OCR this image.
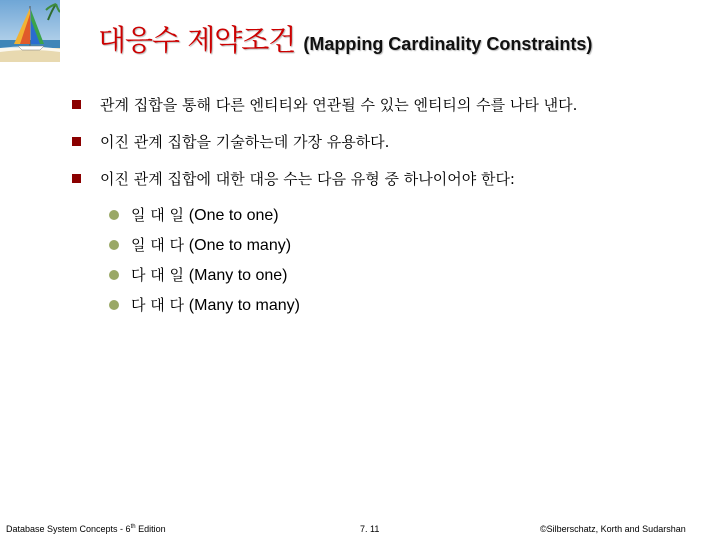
대응수 제약조건 (Mapping Cardinality Constraints)
관계 집합을 통해 다른 엔티티와 연관될 수 있는 엔티티의 수를 나타 낸다.
이진 관계 집합을 기술하는데 가장 유용하다.
이진 관계 집합에 대한 대응 수는 다음 유형 중 하나이어야 한다:
일 대 일 (One to one)
일 대 다 (One to many)
다 대 일 (Many to one)
다 대 다 (Many to many)
Database System Concepts - 6th Edition	7. 11	©Silberschatz, Korth and Sudarshan
